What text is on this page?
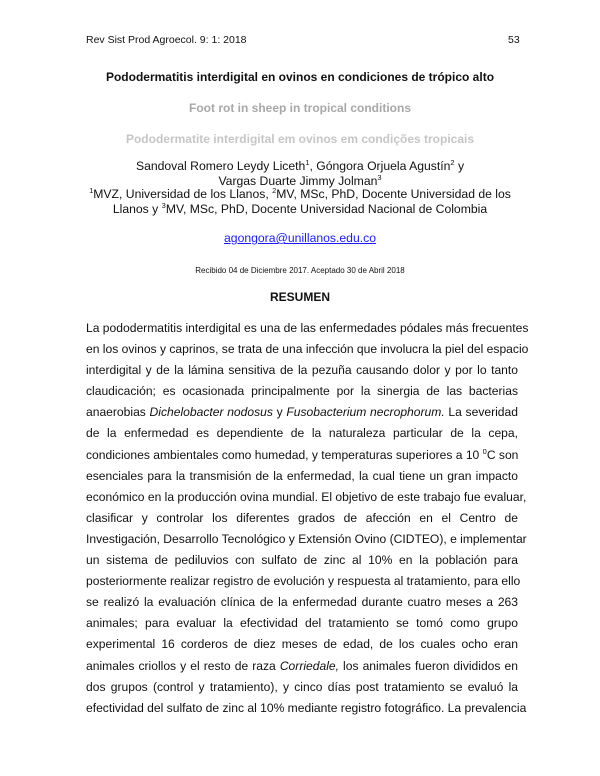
Rev Sist Prod Agroecol. 9: 1: 2018	53
Pododermatitis interdigital en ovinos en condiciones de trópico alto
Foot rot in sheep in tropical conditions
Pododermatite interdigital em ovinos em condições tropicais
Sandoval Romero Leydy Liceth$^1$, Góngora Orjuela Agustín$^2$ y
Vargas Duarte Jimmy Jolman$^3$
$^1$MVZ, Universidad de los Llanos, $^2$MV, MSc, PhD, Docente Universidad de los
Llanos y $^3$MV, MSc, PhD, Docente Universidad Nacional de Colombia
agongora@unillanos.edu.co
Recibido 04 de Diciembre 2017. Aceptado 30 de Abril 2018
RESUMEN
La pododermatitis interdigital es una de las enfermedades pódales más frecuentes
en los ovinos y caprinos, se trata de una infección que involucra la piel del espacio
interdigital y de la lámina sensitiva de la pezuña causando dolor y por lo tanto
claudicación; es ocasionada principalmente por la sinergia de las bacterias
anaerobias Dichelobacter nodosus y Fusobacterium necrophorum. La severidad
de la enfermedad es dependiente de la naturaleza particular de la cepa,
condiciones ambientales como humedad, y temperaturas superiores a 10 $^0$C son
esenciales para la transmisión de la enfermedad, la cual tiene un gran impacto
económico en la producción ovina mundial. El objetivo de este trabajo fue evaluar,
clasificar y controlar los diferentes grados de afección en el Centro de
Investigación, Desarrollo Tecnológico y Extensión Ovino (CIDTEO), e implementar
un sistema de pediluvios con sulfato de zinc al 10% en la población para
posteriormente realizar registro de evolución y respuesta al tratamiento, para ello
se realizó la evaluación clínica de la enfermedad durante cuatro meses a 263
animales; para evaluar la efectividad del tratamiento se tomó como grupo
experimental 16 corderos de diez meses de edad, de los cuales ocho eran
animales criollos y el resto de raza Corriedale, los animales fueron divididos en
dos grupos (control y tratamiento), y cinco días post tratamiento se evaluó la
efectividad del sulfato de zinc al 10% mediante registro fotográfico. La prevalencia
